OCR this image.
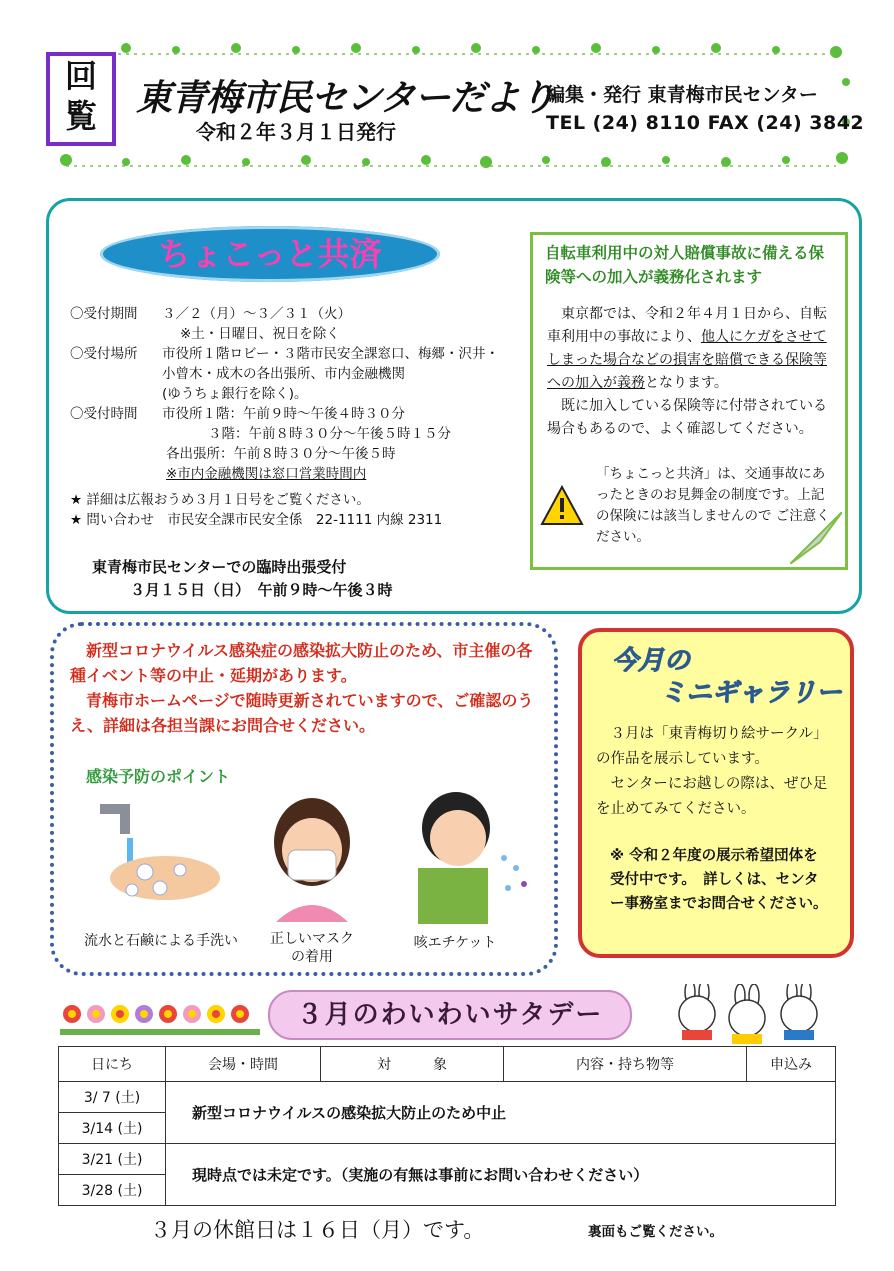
回覧	東青梅市民センターだより
令和２年３月１日発行
編集・発行 東青梅市民センター
TEL (24) 8110 FAX (24) 3842
ちょこっと共済
〇受付期間 ３／２（月）～３／３１（火）
※土・日曜日、祝日を除く
〇受付場所 市役所１階ロビー・３階市民安全課窓口、梅郷・沢井・
小曾木・成木の各出張所、市内金融機関
(ゆうちょ銀行を除く)。
〇受付時間 市役所１階：午前９時～午後４時３０分
３階：午前８時３０分～午後５時１５分
各出張所：午前８時３０分～午後５時
※市内金融機関は窓口営業時間内
★ 詳細は広報おうめ３月１日号をご覧ください。
★ 問い合わせ　市民安全課市民安全係　22-1111 内線 2311
東青梅市民センターでの臨時出張受付
３月１５日（日）　午前９時～午後３時
自転車利用中の対人賠償事故に備える保険等への加入が義務化されます
　東京都では、令和２年４月１日から、自転車利用中の事故により、他人にケガをさせてしまった場合などの損害を賠償できる保険等への加入が義務となります。
　既に加入している保険等に付帯されている場合もあるので、よく確認してください。
「ちょこっと共済」は、交通事故にあったときのお見舞金の制度です。上記の保険には該当しませんので ご注意ください。
　新型コロナウイルス感染症の感染拡大防止のため、市主催の各種イベント等の中止・延期があります。
　青梅市ホームページで随時更新されていますので、ご確認のうえ、詳細は各担当課にお問合せください。
感染予防のポイント
流水と石鹸による手洗い	正しいマスク
の着用
咳エチケット
今月の
ミニギャラリー
　３月は「東青梅切り絵サークル」の作品を展示しています。
　センターにお越しの際は、ぜひ足を止めてみてください。
※ 令和２年度の展示希望団体を受付中です。　詳しくは、センター事務室までお問合せください。
３月のわいわいサタデー
日にち	会場・時間	対　　　象	内容・持ち物等	申込み
3/ 7 (土)	新型コロナウイルスの感染拡大防止のため中止			
3/14 (土)				
3/21 (土)	現時点では未定です。（実施の有無は事前にお問い合わせください）			
3/28 (土)				
３月の休館日は１６日（月）です。	裏面もご覧ください。
